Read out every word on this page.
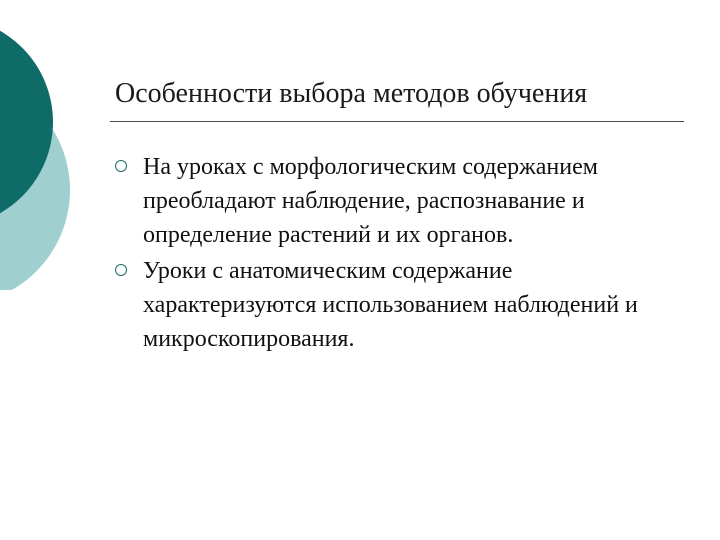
Особенности выбора методов обучения
На уроках с морфологическим содержанием преобладают наблюдение, распознавание и определение растений и их органов.
Уроки с анатомическим содержание характеризуются использованием наблюдений и микроскопирования.
